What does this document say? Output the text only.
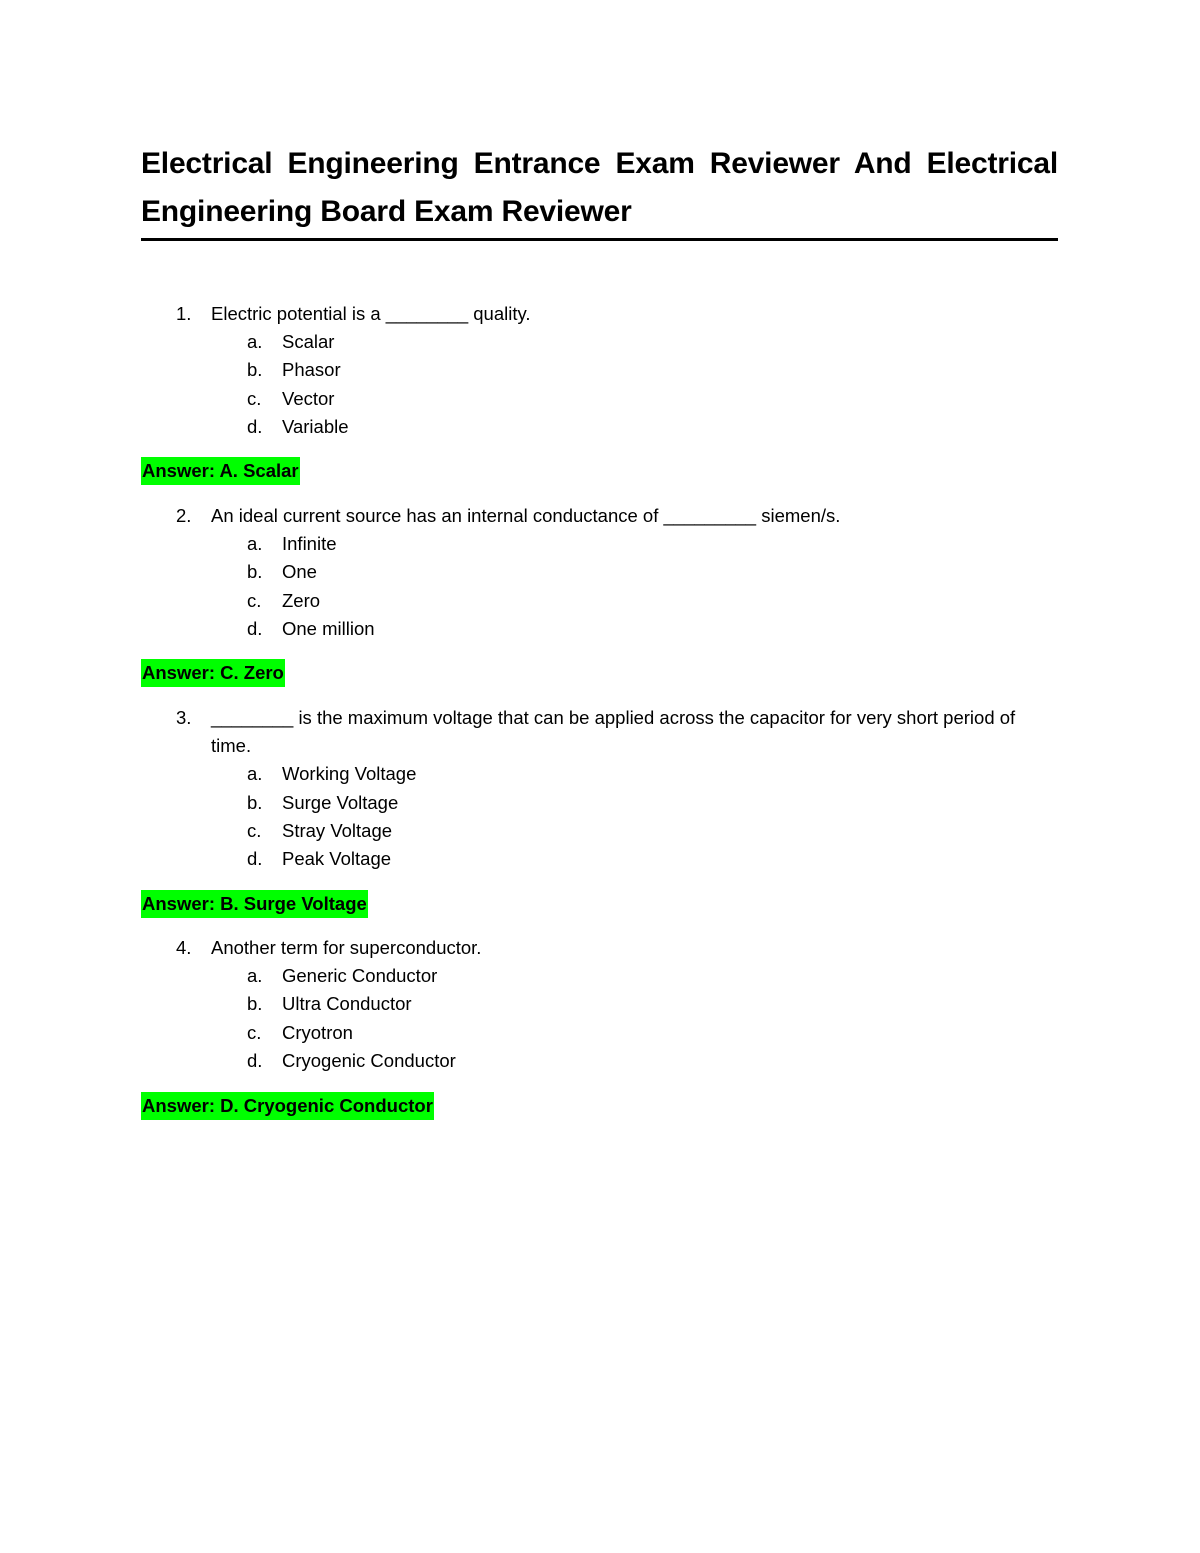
Electrical Engineering Entrance Exam Reviewer And Electrical Engineering Board Exam Reviewer
1.	Electric potential is a ________ quality.
a.	Scalar
b.	Phasor
c.	Vector
d.	Variable
Answer: A. Scalar
2.	An ideal current source has an internal conductance of _________ siemen/s.
a.	Infinite
b.	One
c.	Zero
d.	One million
Answer: C. Zero
3.	________ is the maximum voltage that can be applied across the capacitor for very short period of time.
a.	Working Voltage
b.	Surge Voltage
c.	Stray Voltage
d.	Peak Voltage
Answer: B. Surge Voltage
4.	Another term for superconductor.
a.	Generic Conductor
b.	Ultra Conductor
c.	Cryotron
d.	Cryogenic Conductor
Answer: D. Cryogenic Conductor
